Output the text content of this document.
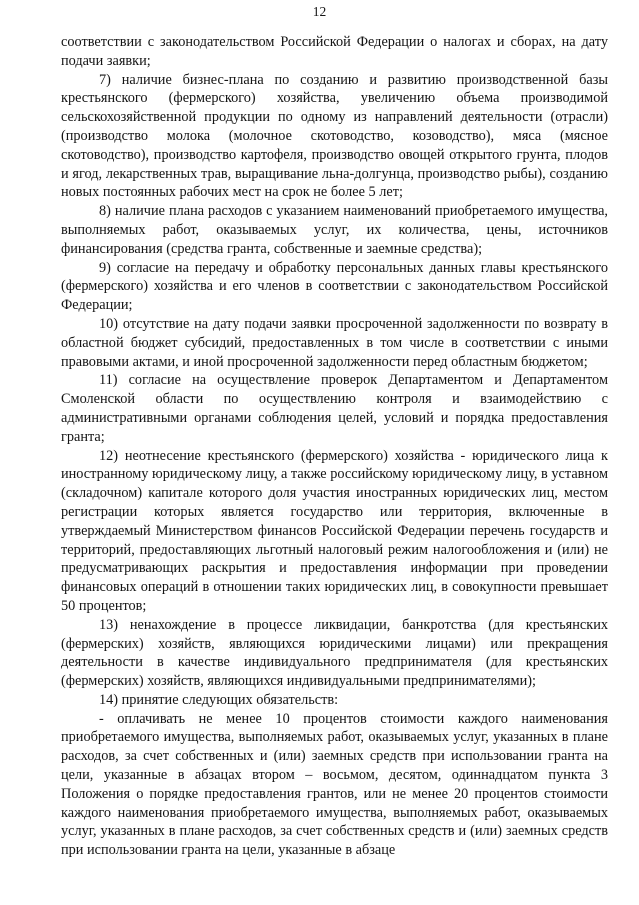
12

соответствии с законодательством Российской Федерации о налогах и сборах, на дату подачи заявки;

7) наличие бизнес-плана по созданию и развитию производственной базы крестьянского (фермерского) хозяйства, увеличению объема производимой сельскохозяйственной продукции по одному из направлений деятельности (отрасли) (производство молока (молочное скотоводство, козоводство), мяса (мясное скотоводство), производство картофеля, производство овощей открытого грунта, плодов и ягод, лекарственных трав, выращивание льна-долгунца, производство рыбы), созданию новых постоянных рабочих мест на срок не более 5 лет;

8) наличие плана расходов с указанием наименований приобретаемого имущества, выполняемых работ, оказываемых услуг, их количества, цены, источников финансирования (средства гранта, собственные и заемные средства);

9) согласие на передачу и обработку персональных данных главы крестьянского (фермерского) хозяйства и его членов в соответствии с законодательством Российской Федерации;

10) отсутствие на дату подачи заявки просроченной задолженности по возврату в областной бюджет субсидий, предоставленных в том числе в соответствии с иными правовыми актами, и иной просроченной задолженности перед областным бюджетом;

11) согласие на осуществление проверок Департаментом и Департаментом Смоленской области по осуществлению контроля и взаимодействию с административными органами соблюдения целей, условий и порядка предоставления гранта;

12) неотнесение крестьянского (фермерского) хозяйства - юридического лица к иностранному юридическому лицу, а также российскому юридическому лицу, в уставном (складочном) капитале которого доля участия иностранных юридических лиц, местом регистрации которых является государство или территория, включенные в утверждаемый Министерством финансов Российской Федерации перечень государств и территорий, предоставляющих льготный налоговый режим налогообложения и (или) не предусматривающих раскрытия и предоставления информации при проведении финансовых операций в отношении таких юридических лиц, в совокупности превышает 50 процентов;

13) ненахождение в процессе ликвидации, банкротства (для крестьянских (фермерских) хозяйств, являющихся юридическими лицами) или прекращения деятельности в качестве индивидуального предпринимателя (для крестьянских (фермерских) хозяйств, являющихся индивидуальными предпринимателями);

14) принятие следующих обязательств:

- оплачивать не менее 10 процентов стоимости каждого наименования приобретаемого имущества, выполняемых работ, оказываемых услуг, указанных в плане расходов, за счет собственных и (или) заемных средств при использовании гранта на цели, указанные в абзацах втором – восьмом, десятом, одиннадцатом пункта 3 Положения о порядке предоставления грантов, или не менее 20 процентов стоимости каждого наименования приобретаемого имущества, выполняемых работ, оказываемых услуг, указанных в плане расходов, за счет собственных средств и (или) заемных средств при использовании гранта на цели, указанные в абзаце
